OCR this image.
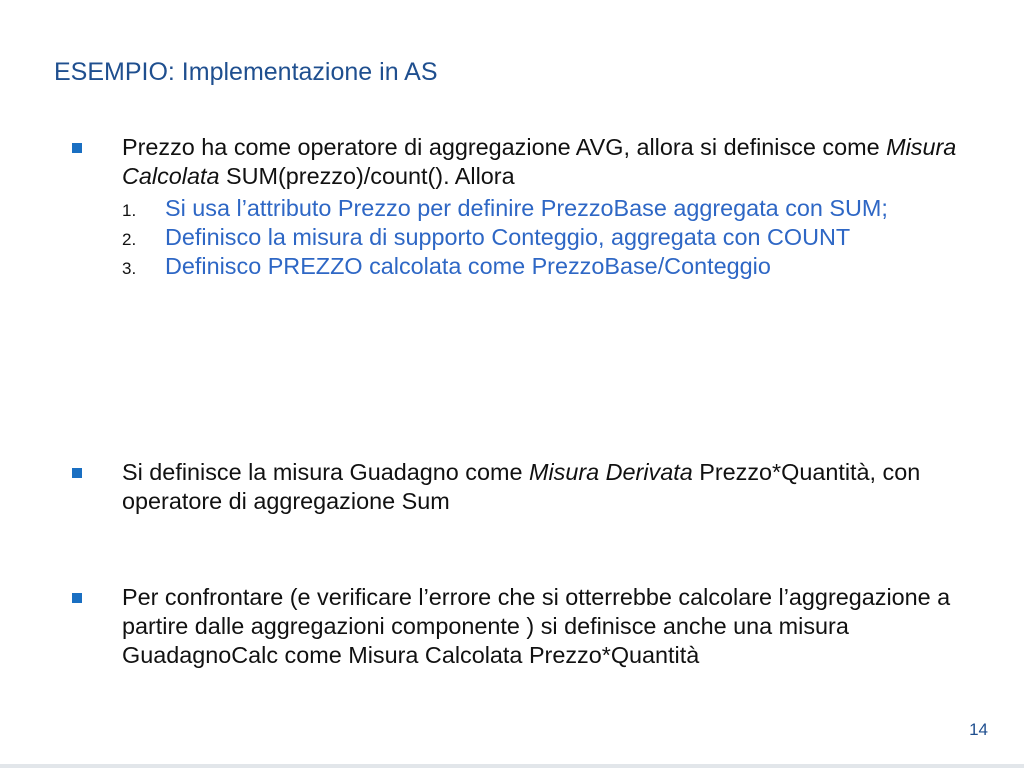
ESEMPIO: Implementazione in AS
Prezzo ha come operatore di aggregazione AVG, allora si definisce come Misura Calcolata SUM(prezzo)/count(). Allora
1. Si usa l’attributo Prezzo per definire PrezzoBase aggregata con SUM;
2. Definisco la misura di supporto Conteggio, aggregata con COUNT
3. Definisco PREZZO calcolata come PrezzoBase/Conteggio
Si definisce la misura Guadagno come Misura Derivata Prezzo*Quantità, con operatore di aggregazione Sum
Per confrontare (e verificare l’errore che si otterrebbe calcolare l’aggregazione a partire dalle aggregazioni componente ) si definisce anche una misura GuadagnoCalc come Misura Calcolata Prezzo*Quantità
14
